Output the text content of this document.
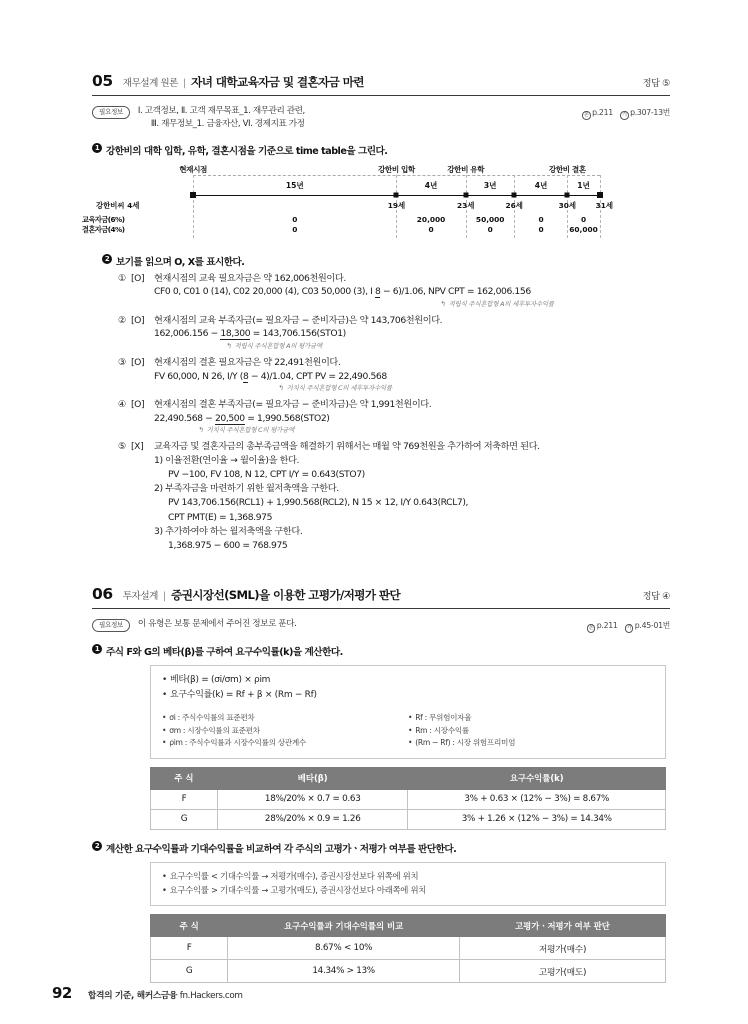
05 재무설계 원론 | 자녀 대학교육자금 및 결혼자금 마련	정답 ⑤
필요정보	Ⅰ. 고객정보, Ⅱ. 고객 재무목표_1. 재무관리 관련,
Ⅲ. 재무정보_1. 금융자산, Ⅵ. 경제지표 가정
본 p.211 기 p.307-13번
1 강한비의 대학 입학, 유학, 결혼시점을 기준으로 time table을 그린다.
현재시점	강한비 입학	강한비 유학	강한비 결혼
15년	4년	3년	4년	1년
강한비씨 4세	19세	23세	26세	30세	31세
교육자금(6%)	0	20,000	50,000	0	0
결혼자금(4%)	0	0	0	0	60,000
2 보기를 읽으며 O, X를 표시한다.
① [O]	현재시점의 교육 필요자금은 약 162,006천원이다.
CF0 0, C01 0 (14), C02 20,000 (4), C03 50,000 (3), I 8 − 6)/1.06, NPV CPT = 162,006.156
↰ 적립식 주식혼합형 A의 세후투자수익률
② [O]	현재시점의 교육 부족자금(= 필요자금 − 준비자금)은 약 143,706천원이다.
162,006.156 − 18,300 = 143,706.156(STO1)
↰ 적립식 주식혼합형 A의 평가금액
③ [O]	현재시점의 결혼 필요자금은 약 22,491천원이다.
FV 60,000, N 26, I/Y (8 − 4)/1.04, CPT PV = 22,490.568
↰ 거치식 주식혼합형 C의 세후투자수익률
④ [O]	현재시점의 결혼 부족자금(= 필요자금 − 준비자금)은 약 1,991천원이다.
22,490.568 − 20,500 = 1,990.568(STO2)
↰ 거치식 주식혼합형 C의 평가금액
⑤ [X]	교육자금 및 결혼자금의 총부족금액을 해결하기 위해서는 매월 약 769천원을 추가하여 저축하면 된다.
1) 이율전환(연이율 → 월이율)을 한다.
PV −100, FV 108, N 12, CPT I/Y = 0.643(STO7)
2) 부족자금을 마련하기 위한 월저축액을 구한다.
PV 143,706.156(RCL1) + 1,990.568(RCL2), N 15 × 12, I/Y 0.643(RCL7),
CPT PMT(E) = 1,368.975
3) 추가하여야 하는 월저축액을 구한다.
1,368.975 − 600 = 768.975
06 투자설계 | 증권시장선(SML)을 이용한 고평가/저평가 판단	정답 ④
필요정보	이 유형은 보통 문제에서 주어진 정보로 푼다.	본 p.211 기 p.45-01번
1 주식 F와 G의 베타(β)를 구하여 요구수익률(k)을 계산한다.
• 베타(β) = (σi/σm) × ρim
• 요구수익률(k) = Rf + β × (Rm − Rf)
• σi : 주식수익률의 표준편차
• σm : 시장수익률의 표준편차
• ρim : 주식수익률과 시장수익률의 상관계수
• Rf : 무위험이자율
• Rm : 시장수익률
• (Rm − Rf) : 시장 위험프리미엄
주 식	베타(β)	요구수익률(k)
F	18%/20% × 0.7 = 0.63	3% + 0.63 × (12% − 3%) = 8.67%
G	28%/20% × 0.9 = 1.26	3% + 1.26 × (12% − 3%) = 14.34%
2 계산한 요구수익률과 기대수익률을 비교하여 각 주식의 고평가ㆍ저평가 여부를 판단한다.
• 요구수익률 < 기대수익률 → 저평가(매수), 증권시장선보다 위쪽에 위치
• 요구수익률 > 기대수익률 → 고평가(매도), 증권시장선보다 아래쪽에 위치
주 식	요구수익률과 기대수익률의 비교	고평가ㆍ저평가 여부 판단
F	8.67% < 10%	저평가(매수)
G	14.34% > 13%	고평가(매도)
92 합격의 기준, 해커스금융 fn.Hackers.com
